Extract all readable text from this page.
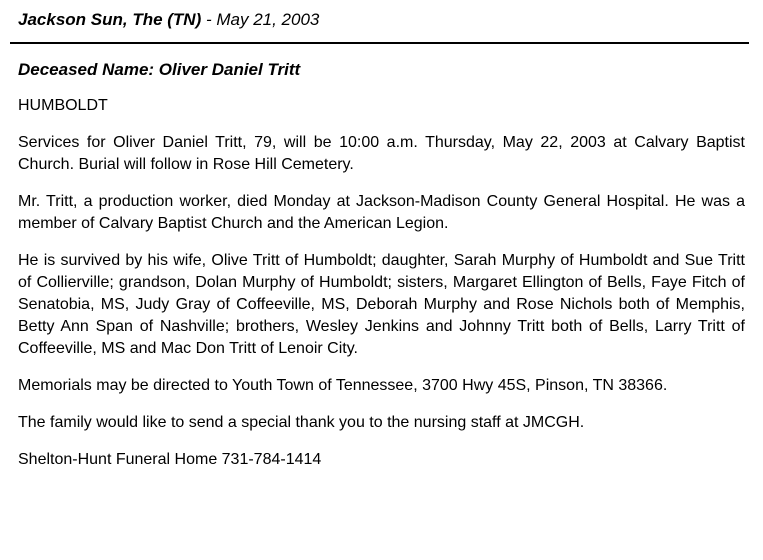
Jackson Sun, The (TN) - May 21, 2003
Deceased Name: Oliver Daniel Tritt
HUMBOLDT
Services for Oliver Daniel Tritt, 79, will be 10:00 a.m. Thursday, May 22, 2003 at Calvary Baptist Church. Burial will follow in Rose Hill Cemetery.
Mr. Tritt, a production worker, died Monday at Jackson-Madison County General Hospital. He was a member of Calvary Baptist Church and the American Legion.
He is survived by his wife, Olive Tritt of Humboldt; daughter, Sarah Murphy of Humboldt and Sue Tritt of Collierville; grandson, Dolan Murphy of Humboldt; sisters, Margaret Ellington of Bells, Faye Fitch of Senatobia, MS, Judy Gray of Coffeeville, MS, Deborah Murphy and Rose Nichols both of Memphis, Betty Ann Span of Nashville; brothers, Wesley Jenkins and Johnny Tritt both of Bells, Larry Tritt of Coffeeville, MS and Mac Don Tritt of Lenoir City.
Memorials may be directed to Youth Town of Tennessee, 3700 Hwy 45S, Pinson, TN 38366.
The family would like to send a special thank you to the nursing staff at JMCGH.
Shelton-Hunt Funeral Home 731-784-1414
